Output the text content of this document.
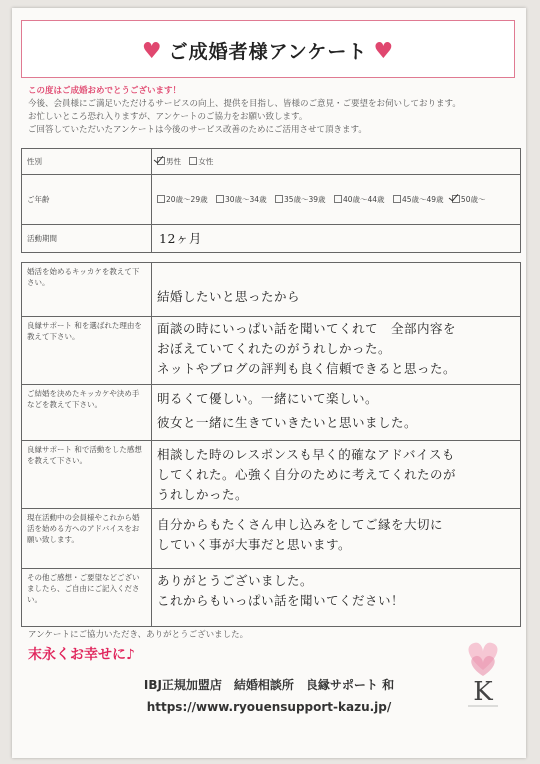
♥ ご成婚者様アンケート ♥
この度はご成婚おめでとうございます！
今後、会員様にご満足いただけるサービスの向上、提供を目指し、皆様のご意見・ご要望をお伺いしております。
お忙しいところ恐れ入りますが、アンケートのご協力をお願い致します。
ご回答していただいたアンケートは今後のサービス改善のためにご活用させて頂きます。
性別	男性 女性
ご年齢	20歳～29歳 30歳～34歳 35歳～39歳 40歳～44歳 45歳～49歳 50歳～
活動期間	12ヶ月
婚活を始めるキッカケを教えて下さい。	結婚したいと思ったから

良縁サポート 和を選ばれた理由を教えて下さい。	面談の時にいっぱい話を聞いてくれて　全部内容を
おぼえていてくれたのがうれしかった。
ネットやブログの評判も良く信頼できると思った。

ご結婚を決めたキッカケや決め手などを教えて下さい。	明るくて優しい。一緒にいて楽しい。
彼女と一緒に生きていきたいと思いました。

良縁サポート 和で活動をした感想を教えて下さい。	相談した時のレスポンスも早く的確なアドバイスも
してくれた。心強く自分のために考えてくれたのが
うれしかった。

現在活動中の会員様やこれから婚活を始める方へのアドバイスをお願い致します。	自分からもたくさん申し込みをしてご縁を大切に
していく事が大事だと思います。

その他ご感想・ご要望などございましたら、ご自由にご記入ください。	ありがとうございました。
これからもいっぱい話を聞いてください！
アンケートにご協力いただき、ありがとうございました。
末永くお幸せに♪
IBJ正規加盟店　結婚相談所　良縁サポート 和
https://www.ryouensupport-kazu.jp/	K
